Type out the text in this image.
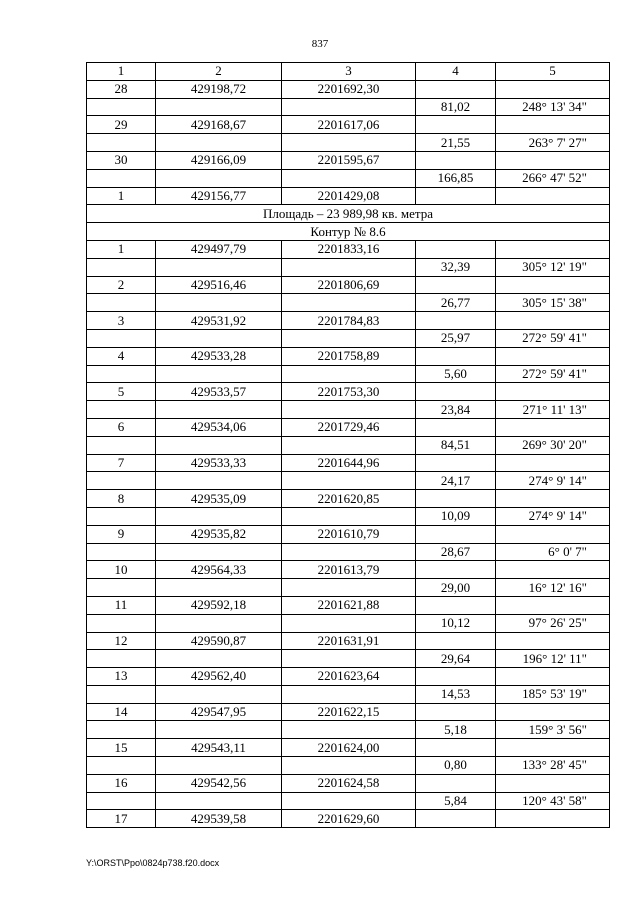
837
1	2	3	4	5
28	429198,72	2201692,30		
			81,02	248° 13' 34"
29	429168,67	2201617,06		
			21,55	263° 7' 27"
30	429166,09	2201595,67		
			166,85	266° 47' 52"
1	429156,77	2201429,08		
Площадь – 23 989,98 кв. метра				
Контур № 8.6				
1	429497,79	2201833,16		
			32,39	305° 12' 19"
2	429516,46	2201806,69		
			26,77	305° 15' 38"
3	429531,92	2201784,83		
			25,97	272° 59' 41"
4	429533,28	2201758,89		
			5,60	272° 59' 41"
5	429533,57	2201753,30		
			23,84	271° 11' 13"
6	429534,06	2201729,46		
			84,51	269° 30' 20"
7	429533,33	2201644,96		
			24,17	274° 9' 14"
8	429535,09	2201620,85		
			10,09	274° 9' 14"
9	429535,82	2201610,79		
			28,67	6° 0' 7"
10	429564,33	2201613,79		
			29,00	16° 12' 16"
11	429592,18	2201621,88		
			10,12	97° 26' 25"
12	429590,87	2201631,91		
			29,64	196° 12' 11"
13	429562,40	2201623,64		
			14,53	185° 53' 19"
14	429547,95	2201622,15		
			5,18	159° 3' 56"
15	429543,11	2201624,00		
			0,80	133° 28' 45"
16	429542,56	2201624,58		
			5,84	120° 43' 58"
17	429539,58	2201629,60		
Y:\ORST\Ppo\0824p738.f20.docx
